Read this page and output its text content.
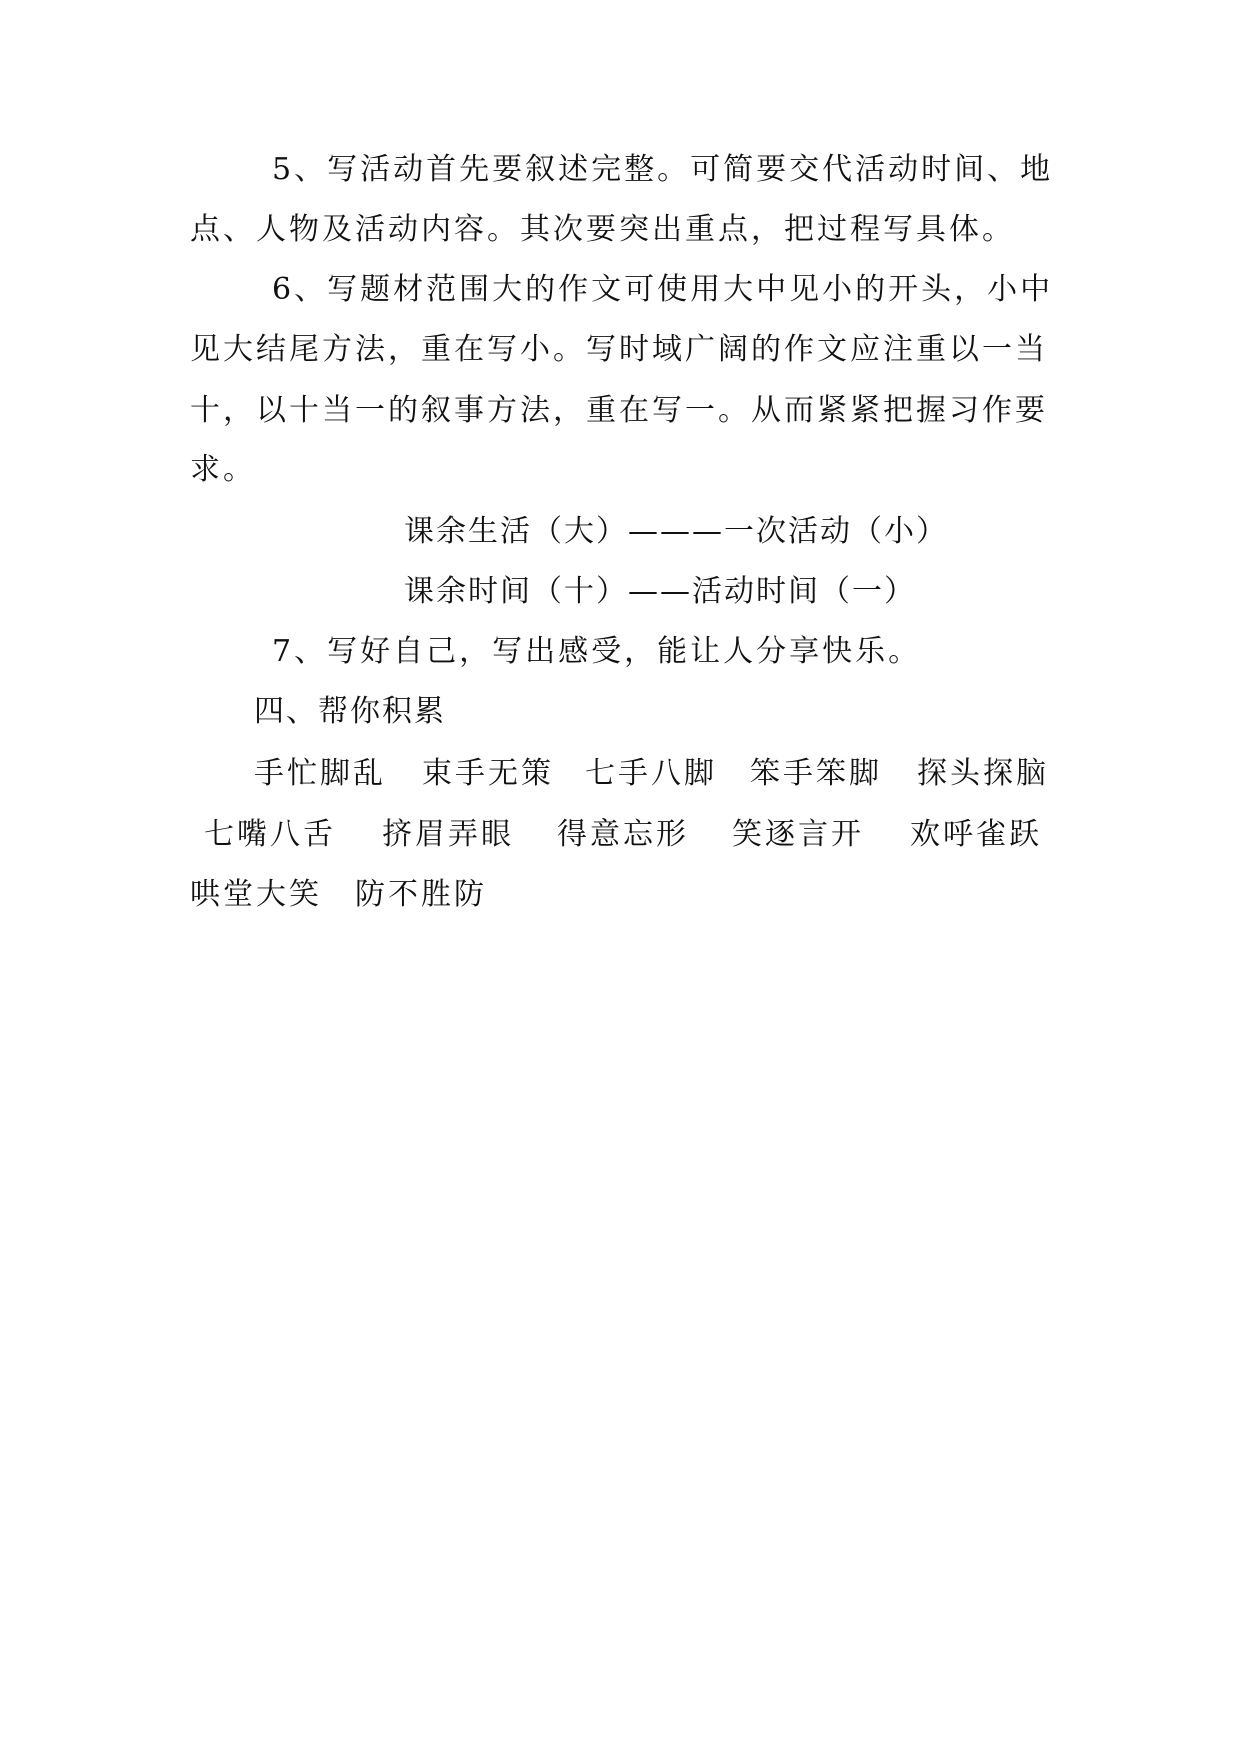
5、写活动首先要叙述完整。可简要交代活动时间、地
点、人物及活动内容。其次要突出重点，把过程写具体。
6、写题材范围大的作文可使用大中见小的开头，小中
见大结尾方法，重在写小。写时域广阔的作文应注重以一当
十，以十当一的叙事方法，重在写一。从而紧紧把握习作要
求。
课余生活（大）———一次活动（小）
课余时间（十）——活动时间（一）
7、写好自己，写出感受，能让人分享快乐。
四、帮你积累
手忙脚乱 束手无策 七手八脚 笨手笨脚 探头探脑
七嘴八舌 挤眉弄眼 得意忘形 笑逐言开 欢呼雀跃
哄堂大笑 防不胜防
